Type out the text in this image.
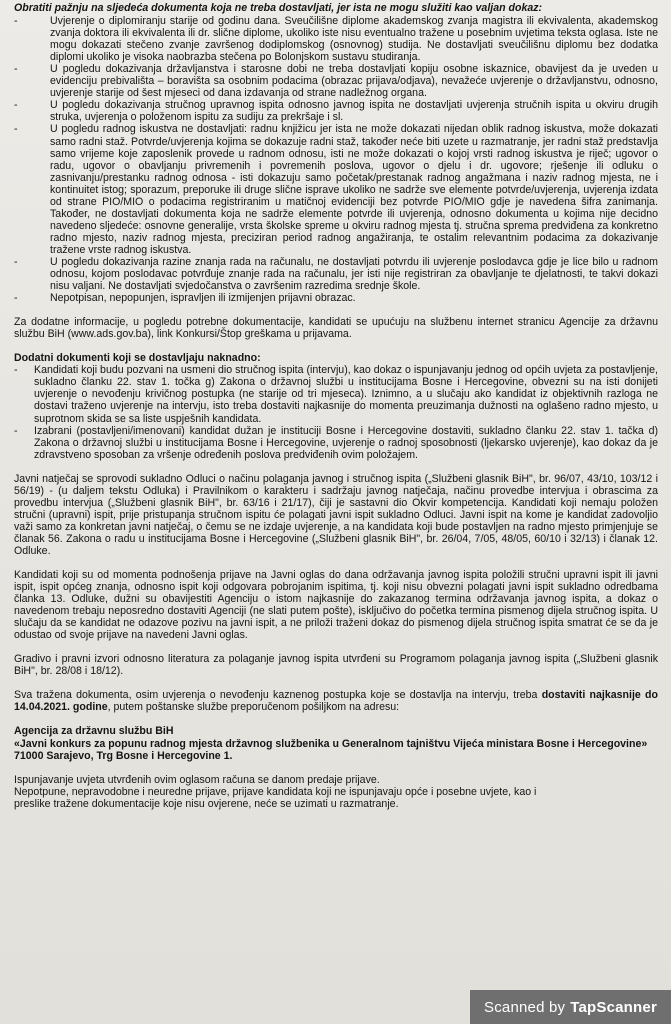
Obratiti pažnju na sljedeća dokumenta koja ne treba dostavljati, jer ista ne mogu služiti kao valjan dokaz:

-	Uvjerenje o diplomiranju starije od godinu dana. Sveučilišne diplome akademskog zvanja magistra ili ekvivalenta, akademskog zvanja doktora ili ekvivalenta ili dr. slične diplome, ukoliko iste nisu eventualno tražene u posebnim uvjetima teksta oglasa. Iste ne mogu dokazati stečeno zvanje završenog dodiplomskog (osnovnog) studija. Ne dostavljati sveučilišnu diplomu bez dodatka diplomi ukoliko je visoka naobrazba stečena po Bolonjskom sustavu studiranja.
-	U pogledu dokazivanja državljanstva i starosne dobi ne treba dostavljati kopiju osobne iskaznice, obavijest da je uveden u evidenciju prebivališta – boravišta sa osobnim podacima (obrazac prijava/odjava), nevažeće uvjerenje o državljanstvu, odnosno, uvjerenje starije od šest mjeseci od dana izdavanja od strane nadležnog organa.
-	U pogledu dokazivanja stručnog upravnog ispita odnosno javnog ispita ne dostavljati uvjerenja stručnih ispita u okviru drugih struka, uvjerenja o položenom ispitu za sudiju za prekršaje i sl.
-	U pogledu radnog iskustva ne dostavljati: radnu knjižicu jer ista ne može dokazati nijedan oblik radnog iskustva, može dokazati samo radni staž. Potvrde/uvjerenja kojima se dokazuje radni staž, također neće biti uzete u razmatranje, jer radni staž predstavlja samo vrijeme koje zaposlenik provede u radnom odnosu, isti ne može dokazati o kojoj vrsti radnog iskustva je riječ; ugovor o radu, ugovor o obavljanju privremenih i povremenih poslova, ugovor o djelu i dr. ugovore; rješenje ili odluku o zasnivanju/prestanku radnog odnosa - isti dokazuju samo početak/prestanak radnog angažmana i naziv radnog mjesta, ne i kontinuitet istog; sporazum, preporuke ili druge slične isprave ukoliko ne sadrže sve elemente potvrde/uvjerenja, uvjerenja izdata od strane PIO/MIO o podacima registriranim u matičnoj evidenciji bez potvrde PIO/MIO gdje je navedena šifra zanimanja. Također, ne dostavljati dokumenta koja ne sadrže elemente potvrde ili uvjerenja, odnosno dokumenta u kojima nije decidno navedeno sljedeće: osnovne generalije, vrsta školske spreme u okviru radnog mjesta tj. stručna sprema predviđena za konkretno radno mjesto, naziv radnog mjesta, preciziran period radnog angažiranja, te ostalim relevantnim podacima za dokazivanje tražene vrste radnog iskustva.
-	U pogledu dokazivanja razine znanja rada na računalu, ne dostavljati potvrdu ili uvjerenje poslodavca gdje je lice bilo u radnom odnosu, kojom poslodavac potvrđuje znanje rada na računalu, jer isti nije registriran za obavljanje te djelatnosti, te takvi dokazi nisu valjani. Ne dostavljati svjedočanstva o završenim razredima srednje škole.
-	Nepotpisan, nepopunjen, ispravljen ili izmijenjen prijavni obrazac.

Za dodatne informacije, u pogledu potrebne dokumentacije, kandidati se upućuju na službenu internet stranicu Agencije za državnu službu BiH (www.ads.gov.ba), link Konkursi/Štop greškama u prijavama.

Dodatni dokumenti koji se dostavljaju naknadno:

- Kandidati koji budu pozvani na usmeni dio stručnog ispita (intervju), kao dokaz o ispunjavanju jednog od općih uvjeta za postavljenje, sukladno članku 22. stav 1. točka g) Zakona o državnoj službi u institucijama Bosne i Hercegovine, obvezni su na isti donijeti uvjerenje o nevođenju krivičnog postupka (ne starije od tri mjeseca). Iznimno, a u slučaju ako kandidat iz objektivnih razloga ne dostavi traženo uvjerenje na intervju, isto treba dostaviti najkasnije do momenta preuzimanja dužnosti na oglašeno radno mjesto, u suprotnom skida se sa liste uspješnih kandidata.
- Izabrani (postavljeni/imenovani) kandidat dužan je instituciji Bosne i Hercegovine dostaviti, sukladno članku 22. stav 1. tačka d) Zakona o državnoj službi u institucijama Bosne i Hercegovine, uvjerenje o radnoj sposobnosti (ljekarsko uvjerenje), kao dokaz da je zdravstveno sposoban za vršenje određenih poslova predviđenih ovim položajem.

Javni natječaj se sprovodi sukladno Odluci o načinu polaganja javnog i stručnog ispita („Službeni glasnik BiH", br. 96/07, 43/10, 103/12 i 56/19) - (u daljem tekstu Odluka) i Pravilnikom o karakteru i sadržaju javnog natječaja, načinu provedbe intervjua i obrascima za provedbu intervjua („Službeni glasnik BiH", br. 63/16 i 21/17), čiji je sastavni dio Okvir kompetencija. Kandidati koji nemaju položen stručni (upravni) ispit, prije pristupanja stručnom ispitu će polagati javni ispit sukladno Odluci. Javni ispit na kome je kandidat zadovoljio važi samo za konkretan javni natječaj, o čemu se ne izdaje uvjerenje, a na kandidata koji bude postavljen na radno mjesto primjenjuje se članak 56. Zakona o radu u institucijama Bosne i Hercegovine („Službeni glasnik BiH", br. 26/04, 7/05, 48/05, 60/10 i 32/13) i članak 12. Odluke.

Kandidati koji su od momenta podnošenja prijave na Javni oglas do dana održavanja javnog ispita položili stručni upravni ispit ili javni ispit, ispit općeg znanja, odnosno ispit koji odgovara pobrojanim ispitima, tj. koji nisu obvezni polagati javni ispit sukladno odredbama članka 13. Odluke, dužni su obavijestiti Agenciju o istom najkasnije do zakazanog termina održavanja javnog ispita, a dokaz o navedenom trebaju neposredno dostaviti Agenciji (ne slati putem pošte), isključivo do početka termina pismenog dijela stručnog ispita. U slučaju da se kandidat ne odazove pozivu na javni ispit, a ne priloži traženi dokaz do pismenog dijela stručnog ispita smatrat će se da je odustao od svoje prijave na navedeni Javni oglas.

Gradivo i pravni izvori odnosno literatura za polaganje javnog ispita utvrđeni su Programom polaganja javnog ispita („Službeni glasnik BiH", br. 28/08 i 18/12).

Sva tražena dokumenta, osim uvjerenja o nevođenju kaznenog postupka koje se dostavlja na intervju, treba dostaviti najkasnije do 14.04.2021. godine, putem poštanske službe preporučenom pošiljkom na adresu:

Agencija za državnu službu BiH

«Javni konkurs za popunu radnog mjesta državnog službenika u Generalnom tajništvu Vijeća ministara Bosne i Hercegovine»

71000 Sarajevo, Trg Bosne i Hercegovine 1.

Ispunjavanje uvjeta utvrđenih ovim oglasom računa se danom predaje prijave.

Nepotpune, nepravodobne i neuredne prijave, prijave kandidata koji ne ispunjavaju opće i posebne uvjete, kao i

preslike tražene dokumentacije koje nisu ovjerene, neće se uzimati u razmatranje.

Scanned by TapScanner
